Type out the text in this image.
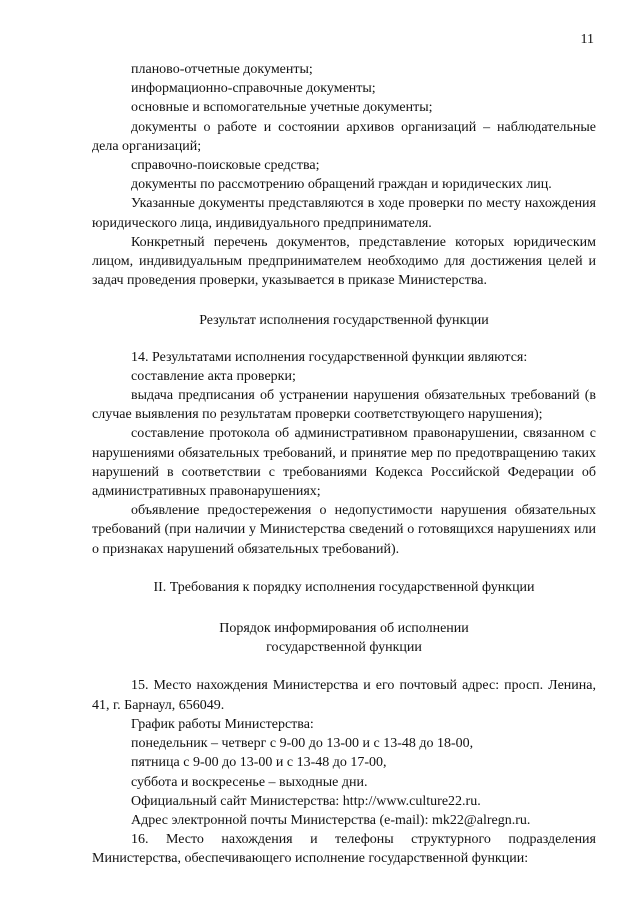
11

планово-отчетные документы;

информационно-справочные документы;

основные и вспомогательные учетные документы;

документы о работе и состоянии архивов организаций – наблюдательные дела организаций;

справочно-поисковые средства;

документы по рассмотрению обращений граждан и юридических лиц.

Указанные документы представляются в ходе проверки по месту нахождения юридического лица, индивидуального предпринимателя.

Конкретный перечень документов, представление которых юридическим лицом, индивидуальным предпринимателем необходимо для достижения целей и задач проведения проверки, указывается в приказе Министерства.

Результат исполнения государственной функции

14. Результатами исполнения государственной функции являются:

составление акта проверки;

выдача предписания об устранении нарушения обязательных требований (в случае выявления по результатам проверки соответствующего нарушения);

составление протокола об административном правонарушении, связанном с нарушениями обязательных требований, и принятие мер по предотвращению таких нарушений в соответствии с требованиями Кодекса Российской Федерации об административных правонарушениях;

объявление предостережения о недопустимости нарушения обязательных требований (при наличии у Министерства сведений о готовящихся нарушениях или о признаках нарушений обязательных требований).

II. Требования к порядку исполнения государственной функции

Порядок информирования об исполнении

государственной функции

15. Место нахождения Министерства и его почтовый адрес: просп. Ленина, 41, г. Барнаул, 656049.

График работы Министерства:

понедельник – четверг с 9-00 до 13-00 и с 13-48 до 18-00,

пятница с 9-00 до 13-00 и с 13-48 до 17-00,

суббота и воскресенье – выходные дни.

Официальный сайт Министерства: http://www.culture22.ru.

Адрес электронной почты Министерства (e-mail): mk22@alregn.ru.

16. Место нахождения и телефоны структурного подразделения Министерства, обеспечивающего исполнение государственной функции:
